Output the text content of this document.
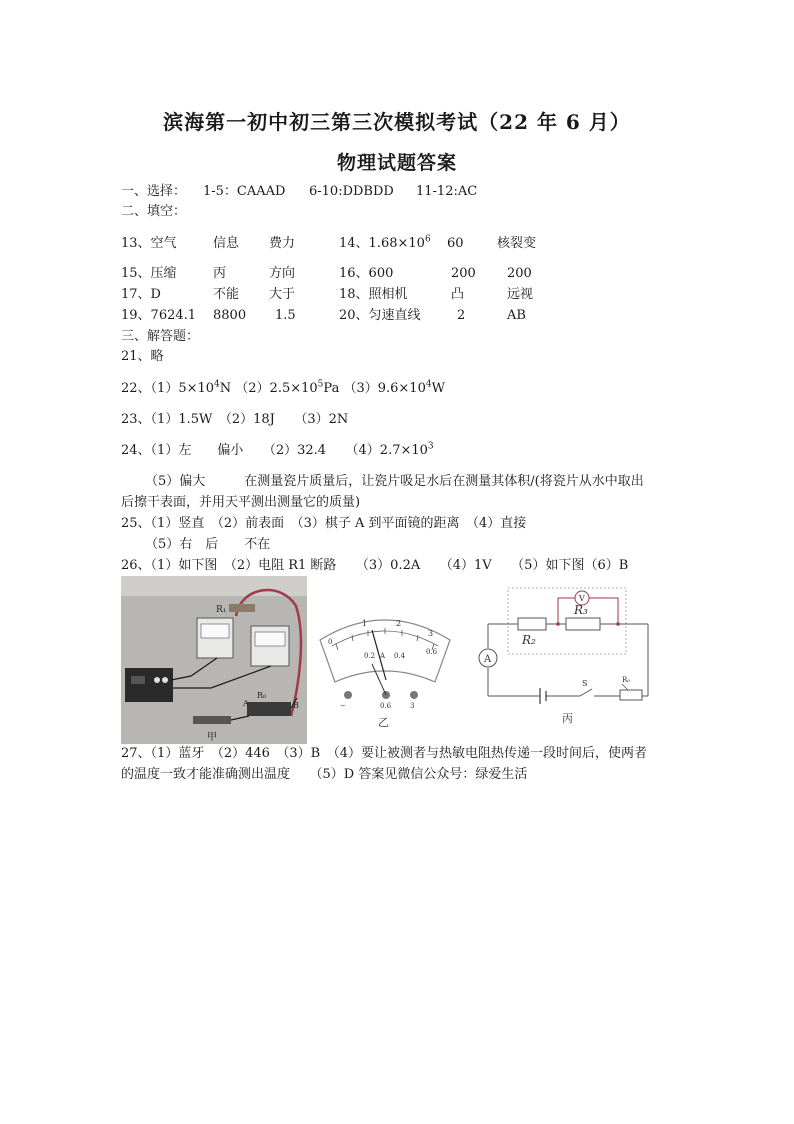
滨海第一初中初三第三次模拟考试（22 年 6 月）
物理试题答案
一、选择： 1-5：CAAAD 6-10:DDBDD 11-12:AC
二、填空：
13、空气	信息 费力	14、$1.68\times 10^6$ 60	核裂变
15、压缩	丙	方向	16、600	200 200
17、D	不能 大于	18、照相机	凸	远视
19、7624.1 8800 1.5	20、匀速直线	2	AB
三、解答题：
21、略
22、$(1)5\times 10^4N$ $(2)2.5\times 10^5Pa$ $(3)9.6\times 10^4W$
23、（1）1.5W　（2）18J　　（3）2N
24、（1）左　　偏小　　（2）32.4　　$(4)2.7\times 10^3$
（5）偏大　　　在测量瓷片质量后，让瓷片吸足水后在测量其体积/(将瓷片从水中取出
后擦干表面，并用天平测出测量它的质量)
25、（1）竖直　（2）前表面　（3）棋子 A 到平面镜的距离　（4）直接
（5）右　后　　不在
26、（1）如下图　（2）电阻 R1 断路　　（3）0.2A　　（4）1V　　（5）如下图（6）B
R₁
R₀
A	B
甲
1	2
3
0
0.2 A 0.4	0.6
−	0.6	3
乙
A
V
R₂
R₃
S	R₀
丙
27、（1）蓝牙　（2）446　（3）B　（4）要让被测者与热敏电阻热传递一段时间后，使两者
的温度一致才能准确测出温度　　（5）D 答案见微信公众号：绿爱生活
